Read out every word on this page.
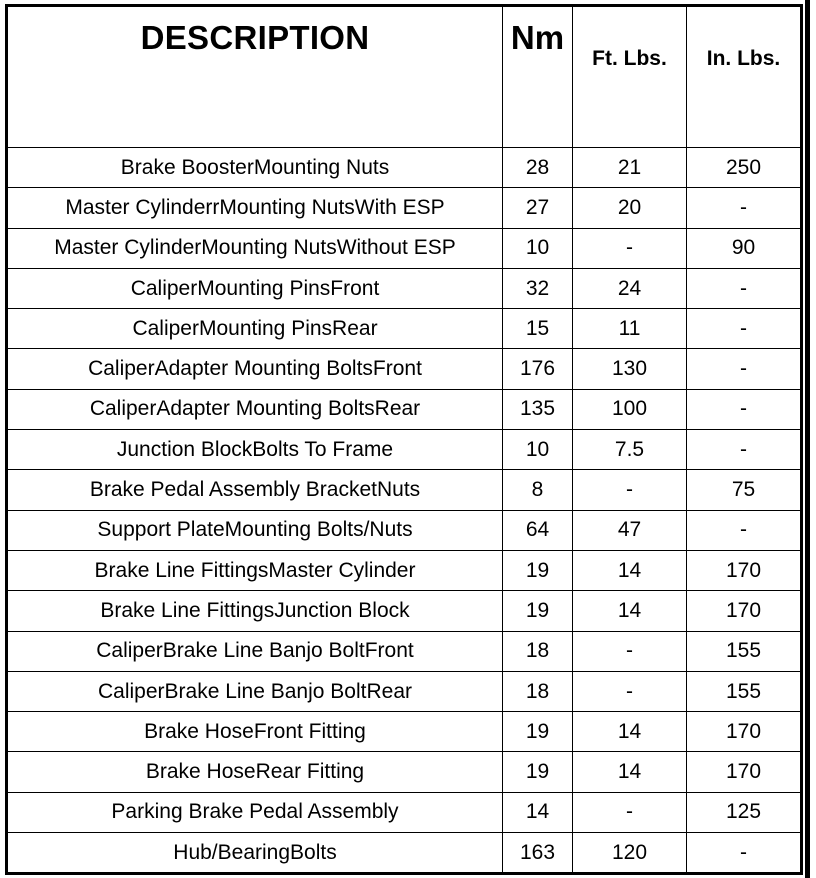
DESCRIPTION	Nm	Ft. Lbs.	In. Lbs.
Brake BoosterMounting Nuts	28	21	250
Master CylinderrMounting NutsWith ESP	27	20	-
Master CylinderMounting NutsWithout ESP	10	-	90
CaliperMounting PinsFront	32	24	-
CaliperMounting PinsRear	15	11	-
CaliperAdapter Mounting BoltsFront	176	130	-
CaliperAdapter Mounting BoltsRear	135	100	-
Junction BlockBolts To Frame	10	7.5	-
Brake Pedal Assembly BracketNuts	8	-	75
Support PlateMounting Bolts/Nuts	64	47	-
Brake Line FittingsMaster Cylinder	19	14	170
Brake Line FittingsJunction Block	19	14	170
CaliperBrake Line Banjo BoltFront	18	-	155
CaliperBrake Line Banjo BoltRear	18	-	155
Brake HoseFront Fitting	19	14	170
Brake HoseRear Fitting	19	14	170
Parking Brake Pedal Assembly	14	-	125
Hub/BearingBolts	163	120	-
